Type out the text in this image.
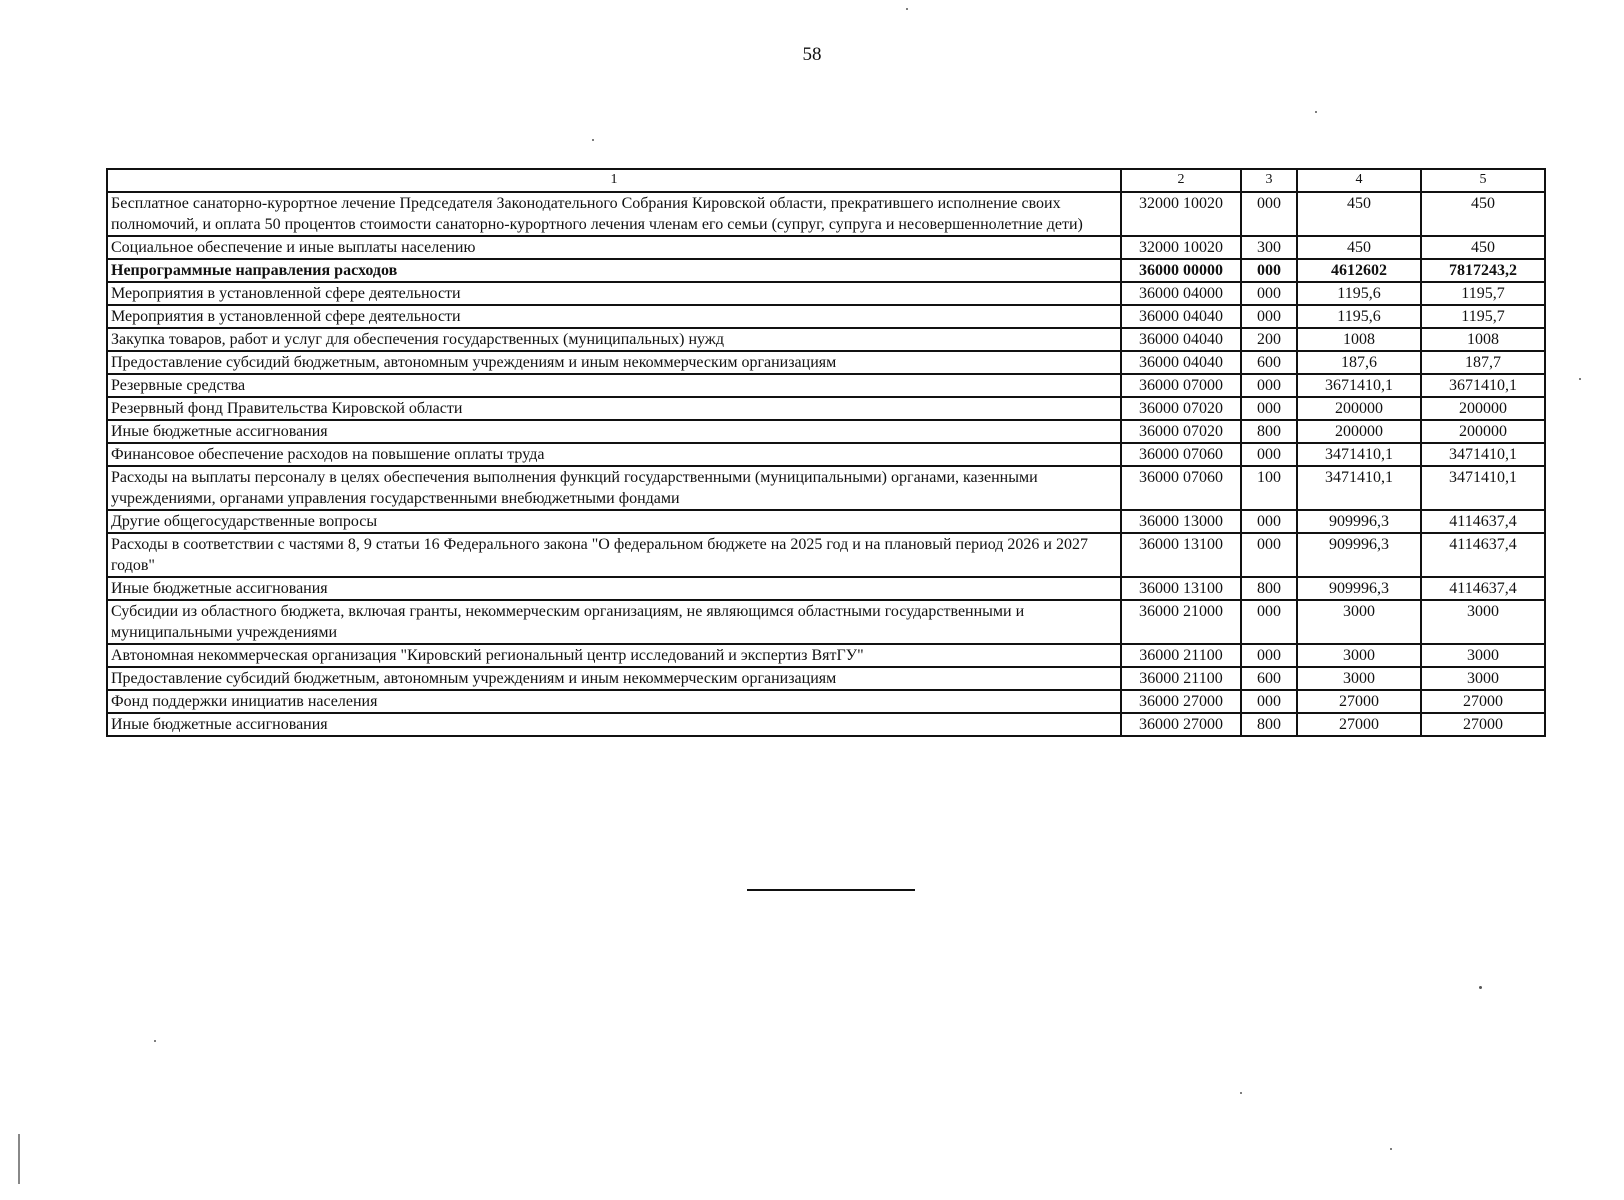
58
1	2	3	4	5
Бесплатное санаторно-курортное лечение Председателя Законодательного Собрания Кировской области, прекратившего исполнение своих полномочий, и оплата 50 процентов стоимости санаторно-курортного лечения членам его семьи (супруг, супруга и несовершеннолетние дети)	32000 10020	000	450	450
Социальное обеспечение и иные выплаты населению	32000 10020	300	450	450
Непрограммные направления расходов	36000 00000	000	4612602	7817243,2
Мероприятия в установленной сфере деятельности	36000 04000	000	1195,6	1195,7
Мероприятия в установленной сфере деятельности	36000 04040	000	1195,6	1195,7
Закупка товаров, работ и услуг для обеспечения государственных (муниципальных) нужд	36000 04040	200	1008	1008
Предоставление субсидий бюджетным, автономным учреждениям и иным некоммерческим организациям	36000 04040	600	187,6	187,7
Резервные средства	36000 07000	000	3671410,1	3671410,1
Резервный фонд Правительства Кировской области	36000 07020	000	200000	200000
Иные бюджетные ассигнования	36000 07020	800	200000	200000
Финансовое обеспечение расходов на повышение оплаты труда	36000 07060	000	3471410,1	3471410,1
Расходы на выплаты персоналу в целях обеспечения выполнения функций государственными (муниципальными) органами, казенными учреждениями, органами управления государственными внебюджетными фондами	36000 07060	100	3471410,1	3471410,1
Другие общегосударственные вопросы	36000 13000	000	909996,3	4114637,4
Расходы в соответствии с частями 8, 9 статьи 16 Федерального закона "О федеральном бюджете на 2025 год и на плановый период 2026 и 2027 годов"	36000 13100	000	909996,3	4114637,4
Иные бюджетные ассигнования	36000 13100	800	909996,3	4114637,4
Субсидии из областного бюджета, включая гранты, некоммерческим организациям, не являющимся областными государственными и муниципальными учреждениями	36000 21000	000	3000	3000
Автономная некоммерческая организация "Кировский региональный центр исследований и экспертиз ВятГУ"	36000 21100	000	3000	3000
Предоставление субсидий бюджетным, автономным учреждениям и иным некоммерческим организациям	36000 21100	600	3000	3000
Фонд поддержки инициатив населения	36000 27000	000	27000	27000
Иные бюджетные ассигнования	36000 27000	800	27000	27000
